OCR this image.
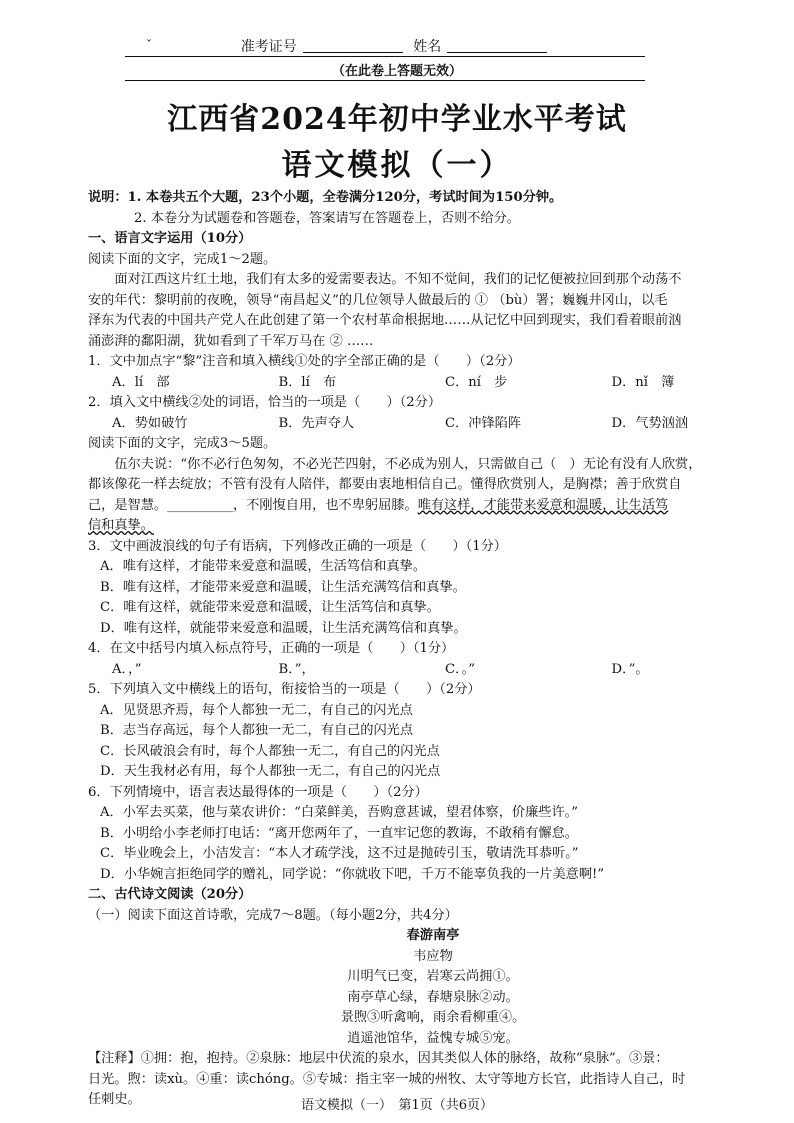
ˇ	准考证号	姓名
（在此卷上答题无效）
江西省2024年初中学业水平考试
语文模拟（一）

说明：1. 本卷共五个大题，23个小题，全卷满分120分，考试时间为150分钟。

2. 本卷分为试题卷和答题卷，答案请写在答题卷上，否则不给分。

一、语言文字运用（10分）

阅读下面的文字，完成1～2题。

面对江西这片红土地，我们有太多的爱需要表达。不知不觉间，我们的记忆便被拉回到那个动荡不

安的年代：黎明前的夜晚，领导“南昌起义”的几位领导人做最后的 ① （bù）署；巍巍井冈山，以毛

泽东为代表的中国共产党人在此创建了第一个农村革命根据地……从记忆中回到现实，我们看着眼前汹

涌澎湃的鄱阳湖，犹如看到了千军万马在 ② ……

1．文中加点字“黎”注音和填入横线①处的字全部正确的是（　　）（2分）

A．lí　部	B．lí　布	C．ní　步	D．nǐ　簿

2．填入文中横线②处的词语，恰当的一项是（　　）（2分）

A．势如破竹	B．先声夺人	C．冲锋陷阵	D．气势汹汹

阅读下面的文字，完成3～5题。

伍尔夫说：“你不必行色匆匆，不必光芒四射，不必成为别人，只需做自己（　）无论有没有人欣赏，

都该像花一样去绽放；不管有没有人陪伴，都要由衷地相信自己。懂得欣赏别人，是胸襟；善于欣赏自

己，是智慧。__________，不刚愎自用，也不卑躬屈膝。唯有这样，才能带来爱意和温暖，让生活笃

信和真挚。

3．文中画波浪线的句子有语病，下列修改正确的一项是（　　）（1分）

A．唯有这样，才能带来爱意和温暖，生活笃信和真挚。

B．唯有这样，才能带来爱意和温暖，让生活充满笃信和真挚。

C．唯有这样，就能带来爱意和温暖，让生活笃信和真挚。

D．唯有这样，就能带来爱意和温暖，让生活充满笃信和真挚。

4．在文中括号内填入标点符号，正确的一项是（　　）（1分）

A．，”	B．”，	C．。”	D．”。

5．下列填入文中横线上的语句，衔接恰当的一项是（　　）（2分）

A．见贤思齐焉，每个人都独一无二，有自己的闪光点

B．志当存高远，每个人都独一无二，有自己的闪光点

C．长风破浪会有时，每个人都独一无二，有自己的闪光点

D．天生我材必有用，每个人都独一无二，有自己的闪光点

6．下列情境中，语言表达最得体的一项是（　　）（2分）

A．小军去买菜，他与菜农讲价：“白菜鲜美，吾购意甚诚，望君体察，价廉些许。”

B．小明给小李老师打电话：“离开您两年了，一直牢记您的教诲，不敢稍有懈怠。

C．毕业晚会上，小洁发言：“本人才疏学浅，这不过是抛砖引玉，敬请洗耳恭听。”

D．小华婉言拒绝同学的赠礼，同学说：“你就收下吧，千万不能辜负我的一片美意啊!”

二、古代诗文阅读（20分）

（一）阅读下面这首诗歌，完成7～8题。（每小题2分，共4分）

春游南亭

韦应物

川明气已变，岩寒云尚拥①。

南亭草心绿，春塘泉脉②动。

景煦③听禽响，雨余看柳重④。

逍遥池馆华，益愧专城⑤宠。

【注释】①拥：抱，抱持。②泉脉：地层中伏流的泉水，因其类似人体的脉络，故称“泉脉”。③景：

日光。煦：读xù。④重：读chóng。⑤专城：指主宰一城的州牧、太守等地方长官，此指诗人自己，时

任刺史。	语文模拟（一）　第1页（共6页）
